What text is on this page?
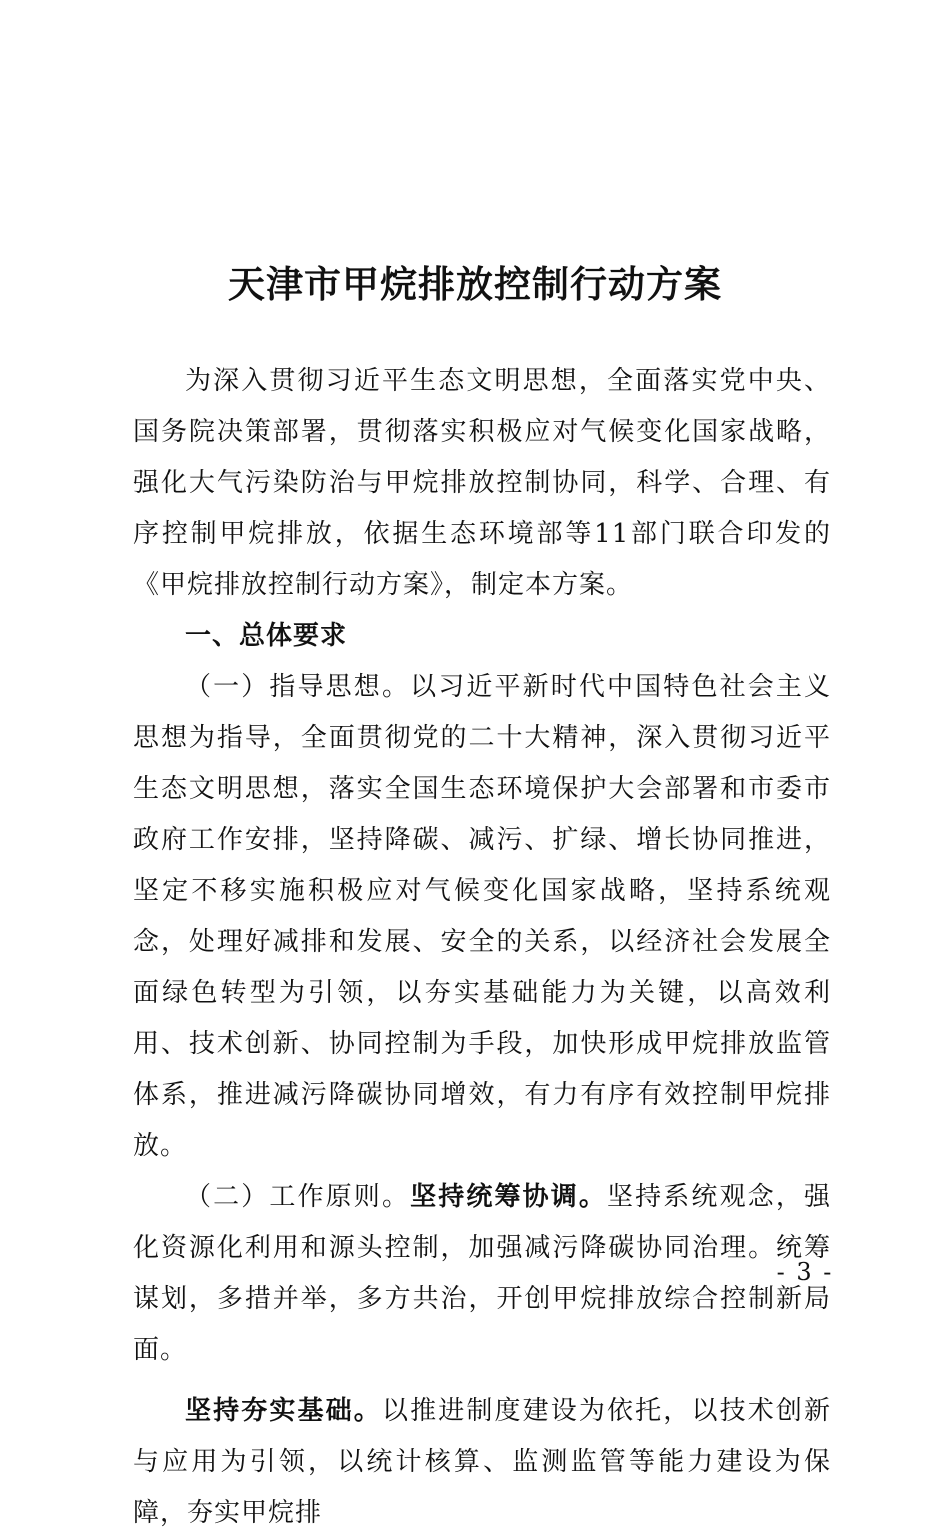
天津市甲烷排放控制行动方案

为深入贯彻习近平生态文明思想，全面落实党中央、国务院决策部署，贯彻落实积极应对气候变化国家战略，强化大气污染防治与甲烷排放控制协同，科学、合理、有序控制甲烷排放，依据生态环境部等11部门联合印发的《甲烷排放控制行动方案》，制定本方案。

一、总体要求

（一）指导思想。以习近平新时代中国特色社会主义思想为指导，全面贯彻党的二十大精神，深入贯彻习近平生态文明思想，落实全国生态环境保护大会部署和市委市政府工作安排，坚持降碳、减污、扩绿、增长协同推进，坚定不移实施积极应对气候变化国家战略，坚持系统观念，处理好减排和发展、安全的关系，以经济社会发展全面绿色转型为引领，以夯实基础能力为关键，以高效利用、技术创新、协同控制为手段，加快形成甲烷排放监管体系，推进减污降碳协同增效，有力有序有效控制甲烷排放。

（二）工作原则。坚持统筹协调。坚持系统观念，强化资源化利用和源头控制，加强减污降碳协同治理。统筹谋划，多措并举，多方共治，开创甲烷排放综合控制新局面。

坚持夯实基础。以推进制度建设为依托，以技术创新与应用为引领，以统计核算、监测监管等能力建设为保障，夯实甲烷排

- 3 -
